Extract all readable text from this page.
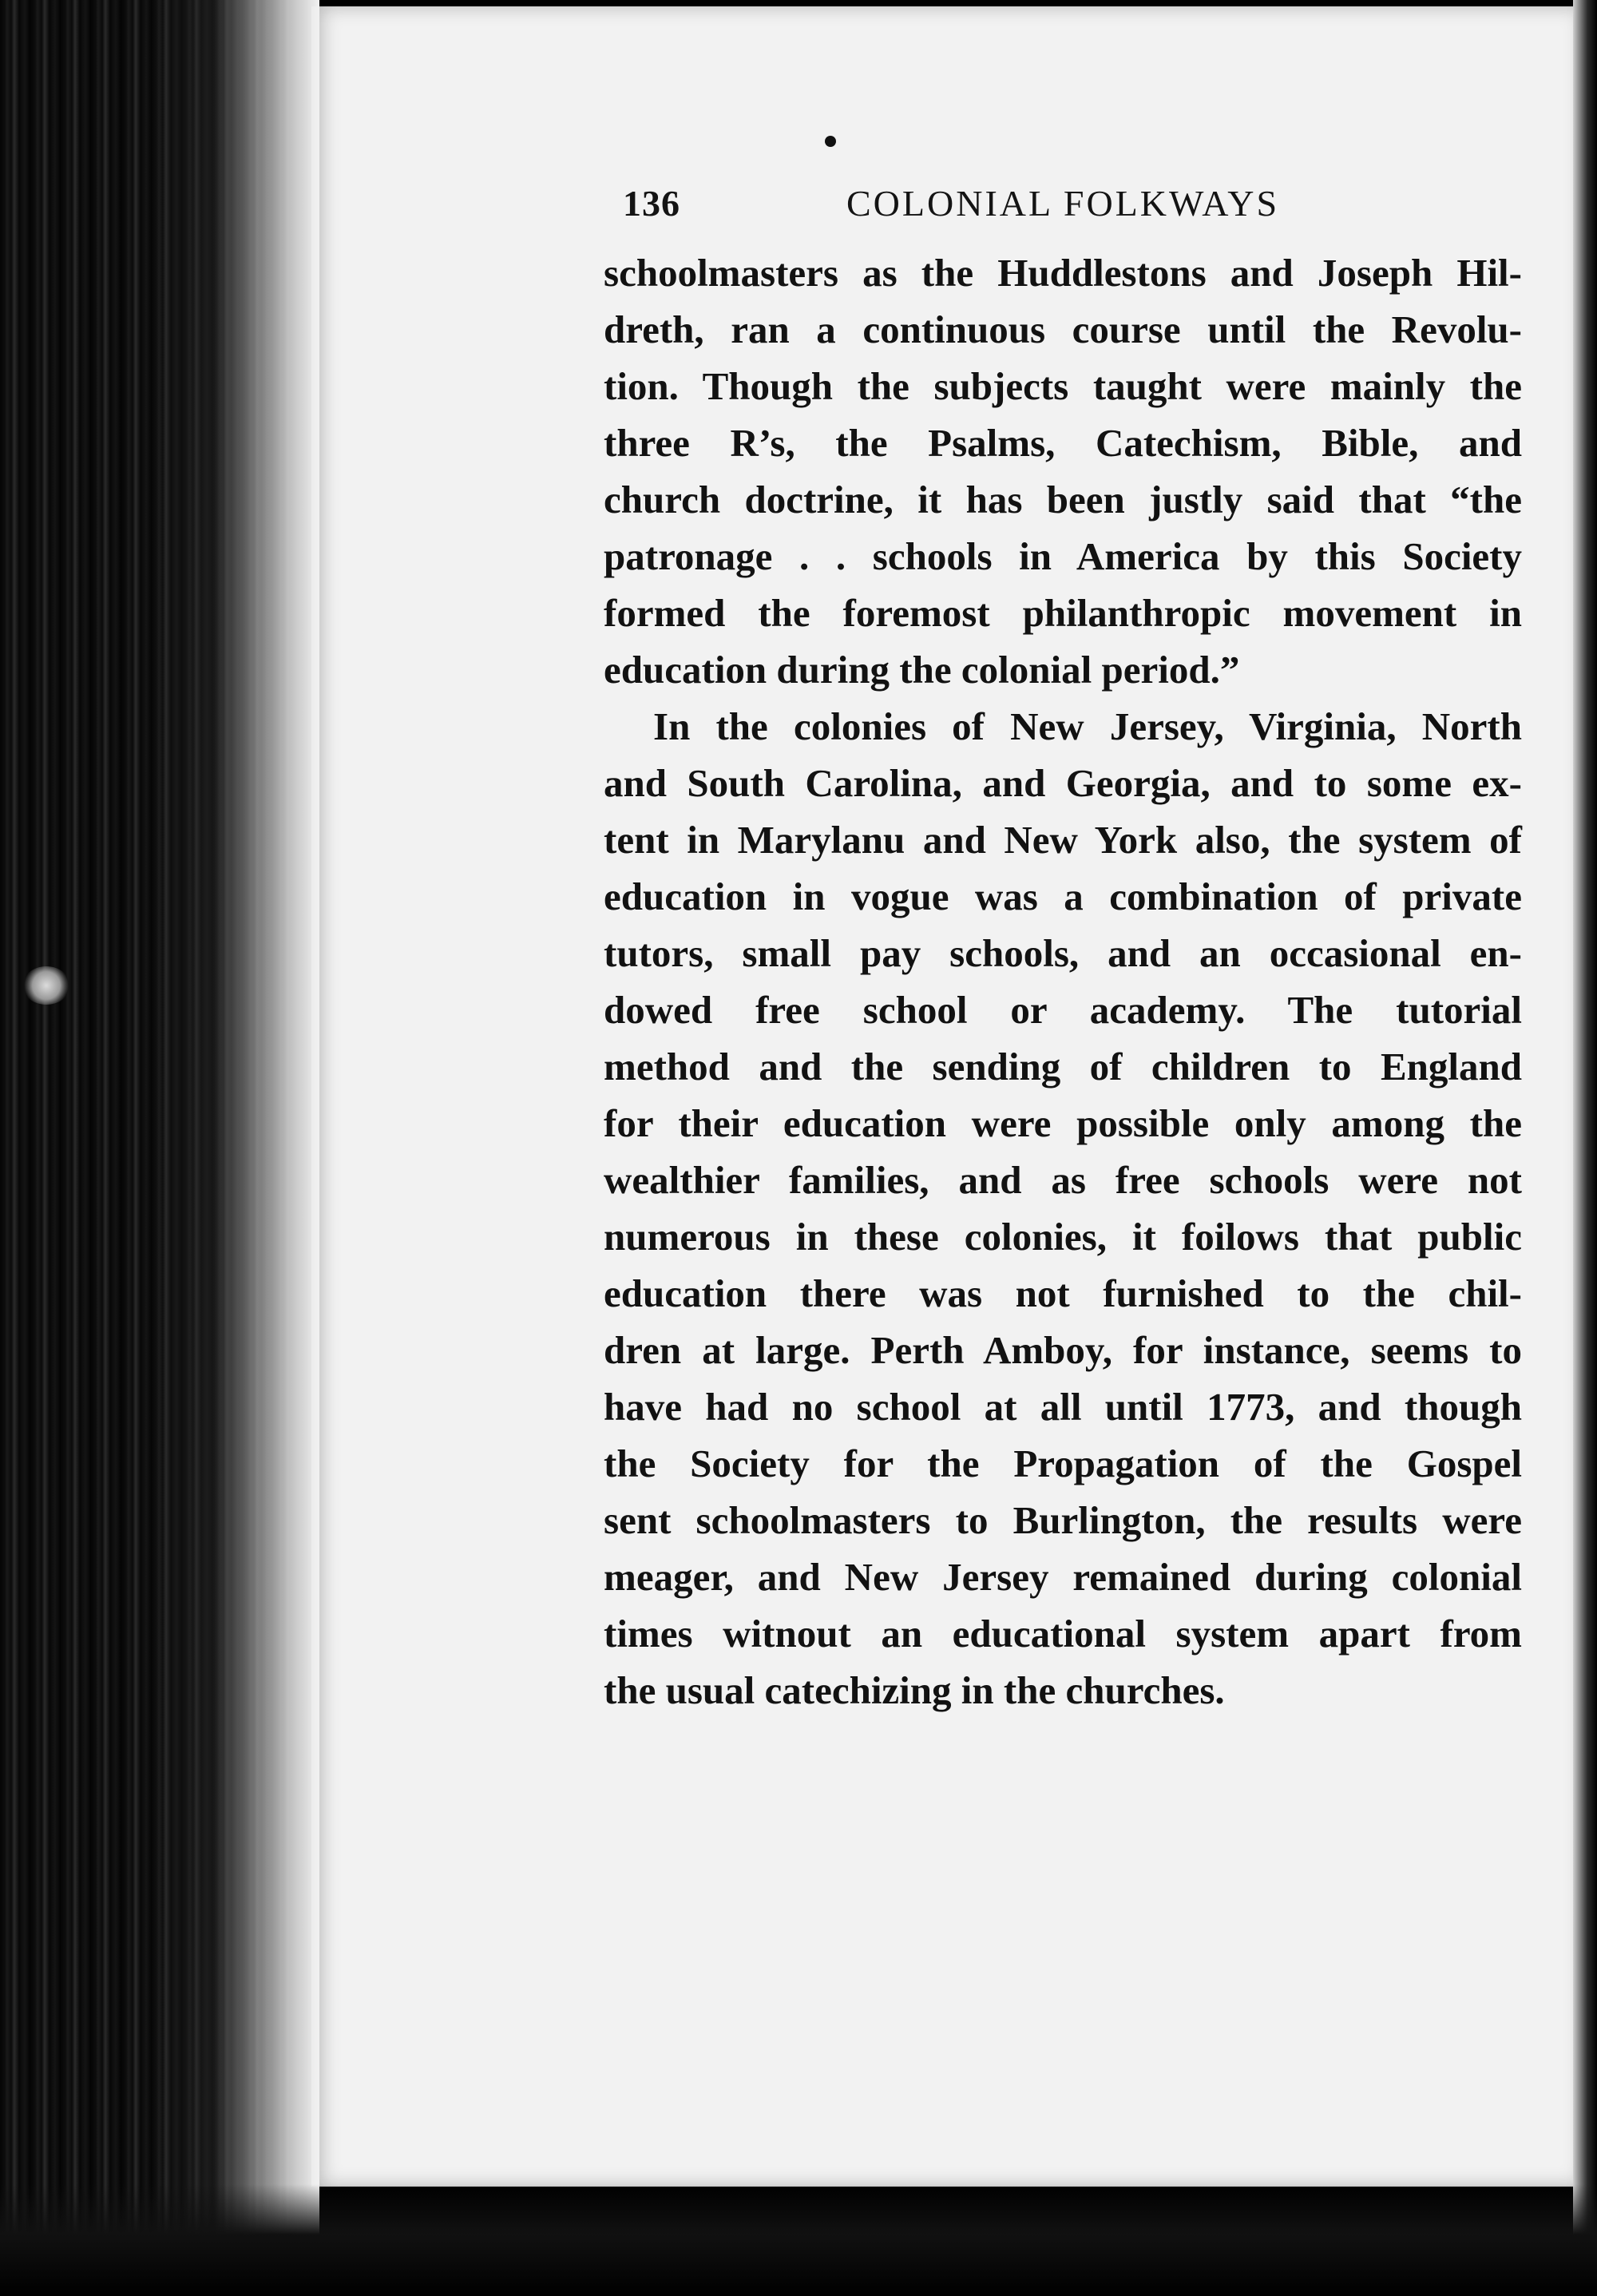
136	COLONIAL FOLKWAYS
schoolmasters as the Huddlestons and Joseph Hil-
dreth, ran a continuous course until the Revolu-
tion. Though the subjects taught were mainly the
three R’s, the Psalms, Catechism, Bible, and
church doctrine, it has been justly said that “the
patronage . . schools in America by this Society
formed the foremost philanthropic movement in
education during the colonial period.”
In the colonies of New Jersey, Virginia, North
and South Carolina, and Georgia, and to some ex-
tent in Marylanu and New York also, the system of
education in vogue was a combination of private
tutors, small pay schools, and an occasional en-
dowed free school or academy. The tutorial
method and the sending of children to England
for their education were possible only among the
wealthier families, and as free schools were not
numerous in these colonies, it foilows that public
education there was not furnished to the chil-
dren at large. Perth Amboy, for instance, seems to
have had no school at all until 1773, and though
the Society for the Propagation of the Gospel
sent schoolmasters to Burlington, the results were
meager, and New Jersey remained during colonial
times witnout an educational system apart from
the usual catechizing in the churches.
